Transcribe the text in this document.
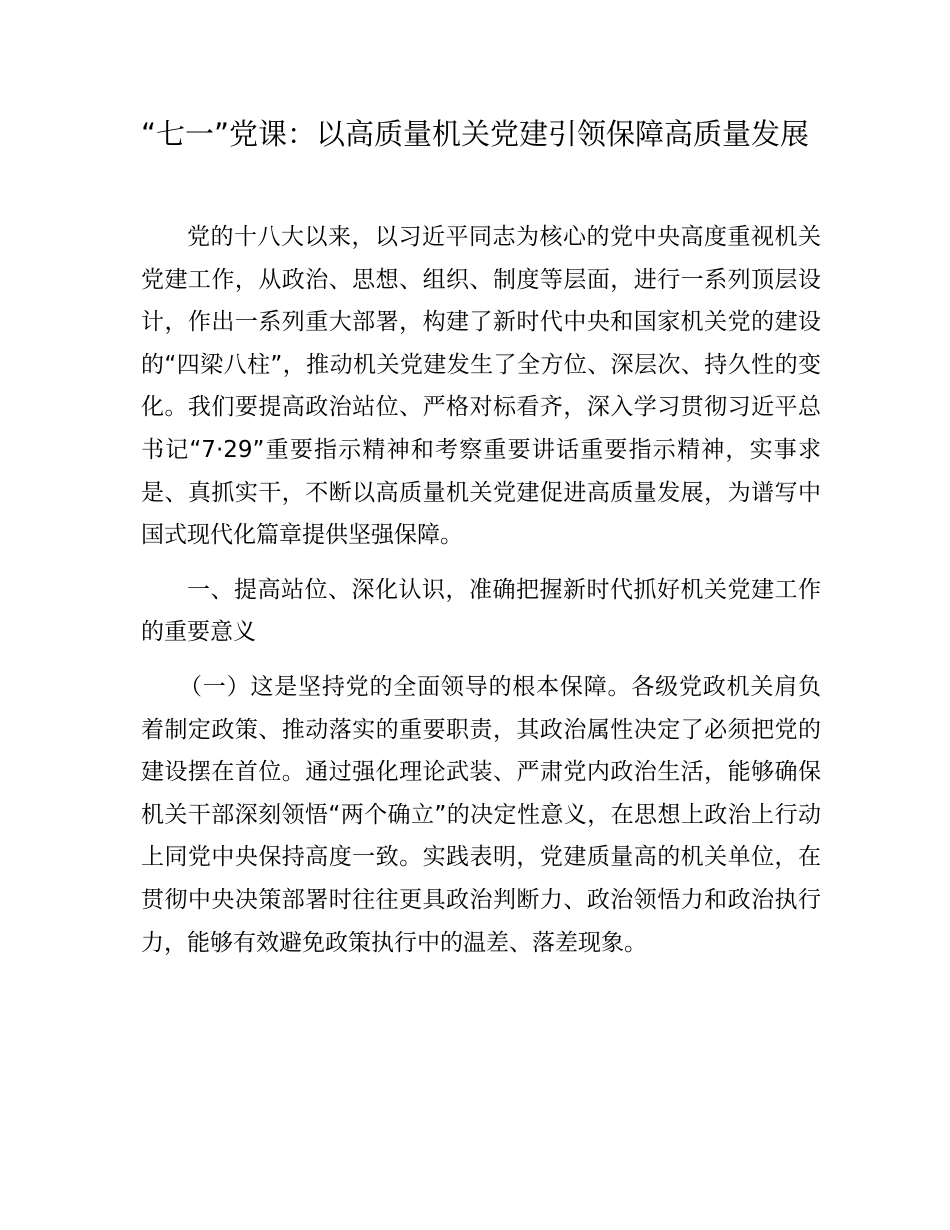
“七一”党课：以高质量机关党建引领保障高质量发展

党的十八大以来，以习近平同志为核心的党中央高度重视机关党建工作，从政治、思想、组织、制度等层面，进行一系列顶层设计，作出一系列重大部署，构建了新时代中央和国家机关党的建设的“四梁八柱”，推动机关党建发生了全方位、深层次、持久性的变化。我们要提高政治站位、严格对标看齐，深入学习贯彻习近平总书记“7·29”重要指示精神和考察重要讲话重要指示精神，实事求是、真抓实干，不断以高质量机关党建促进高质量发展，为谱写中国式现代化篇章提供坚强保障。

一、提高站位、深化认识，准确把握新时代抓好机关党建工作的重要意义

（一）这是坚持党的全面领导的根本保障。各级党政机关肩负着制定政策、推动落实的重要职责，其政治属性决定了必须把党的建设摆在首位。通过强化理论武装、严肃党内政治生活，能够确保机关干部深刻领悟“两个确立”的决定性意义，在思想上政治上行动上同党中央保持高度一致。实践表明，党建质量高的机关单位，在贯彻中央决策部署时往往更具政治判断力、政治领悟力和政治执行力，能够有效避免政策执行中的温差、落差现象。
